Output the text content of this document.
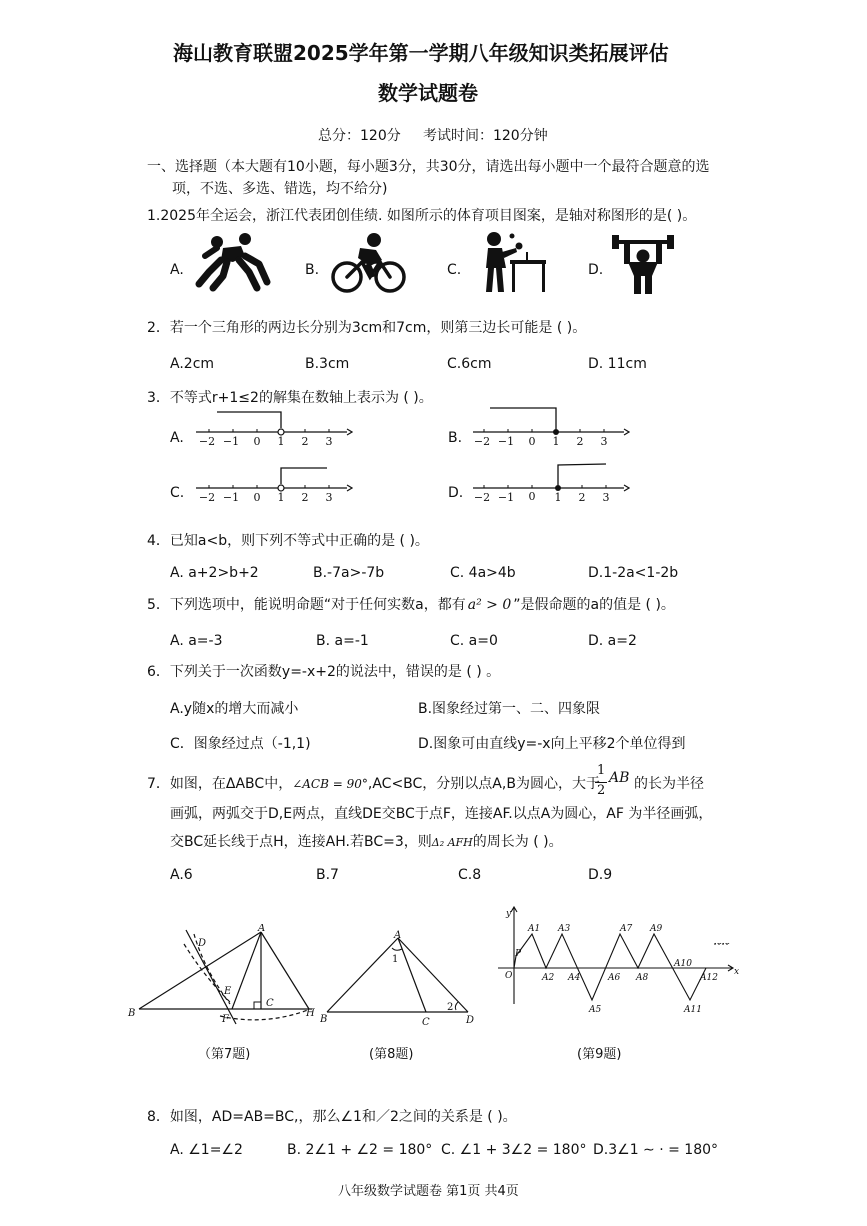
海山教育联盟2025学年第一学期八年级知识类拓展评估
数学试题卷
总分：120分     考试时间：120分钟
一、选择题（本大题有10小题，每小题3分，共30分，请选出每小题中一个最符合题意的选
项，不选、多选、错选，均不给分)
1.2025年全运会，浙江代表团创佳绩. 如图所示的体育项目图案，是轴对称图形的是( )。
A.	B.	C.	D.
2．若一个三角形的两边长分别为3cm和7cm，则第三边长可能是 ( )。
A.2cm	B.3cm	C.6cm	D. 11cm
3．不等式r+1≤2的解集在数轴上表示为 ( )。
A.	B.
C.	D.
−2 −1 0 1 2 3	−2 −1 0 1 2 3
−2 −1 0 1 2 3	−2 −1 0 1 2 3
4．已知a<b，则下列不等式中正确的是 ( )。
A. a+2>b+2	B.-7a>-7b	C. 4a>4b	D.1-2a<1-2b
5．下列选项中，能说明命题“对于任何实数a，都有 a² > 0 ”是假命题的a的值是 ( )。
A. a=-3	B. a=-1	C. a=0	D. a=2
6．下列关于一次函数y=-x+2的说法中，错误的是 ( ) 。
A.y随x的增大而减小	B.图象经过第一、二、四象限
C．图象经过点（-1,1)	D.图象可由直线y=-x向上平移2个单位得到
7．如图，在ΔABC中，∠ACB = 90°,AC<BC，分别以点A,B为圆心，大于
1
2
AB 的长为半径
画弧，两弧交于D,E两点，直线DE交BC于点F，连接AF.以点A为圆心，AF 为半径画弧，
交BC延长线于点H，连接AH.若BC=3，则Δ₂ AFH的周长为 ( )。
A.6	B.7	C.8	D.9
A
B
C
D
E
F
H
（第7题)
A
B	C	D
1
2
(第8题)
y
x
O
P
A1
A2
A3
A4
A5
A6
A7
A8
A9
A10
A11
A12
……
(第9题)
8．如图，AD=AB=BC,，那么∠1和／2之间的关系是 ( )。
A. ∠1=∠2	B. 2∠1 + ∠2 = 180° C. ∠1 + 3∠2 = 180° D.3∠1 ∼ · = 180°
八年级数学试题卷 第1页 共4页
